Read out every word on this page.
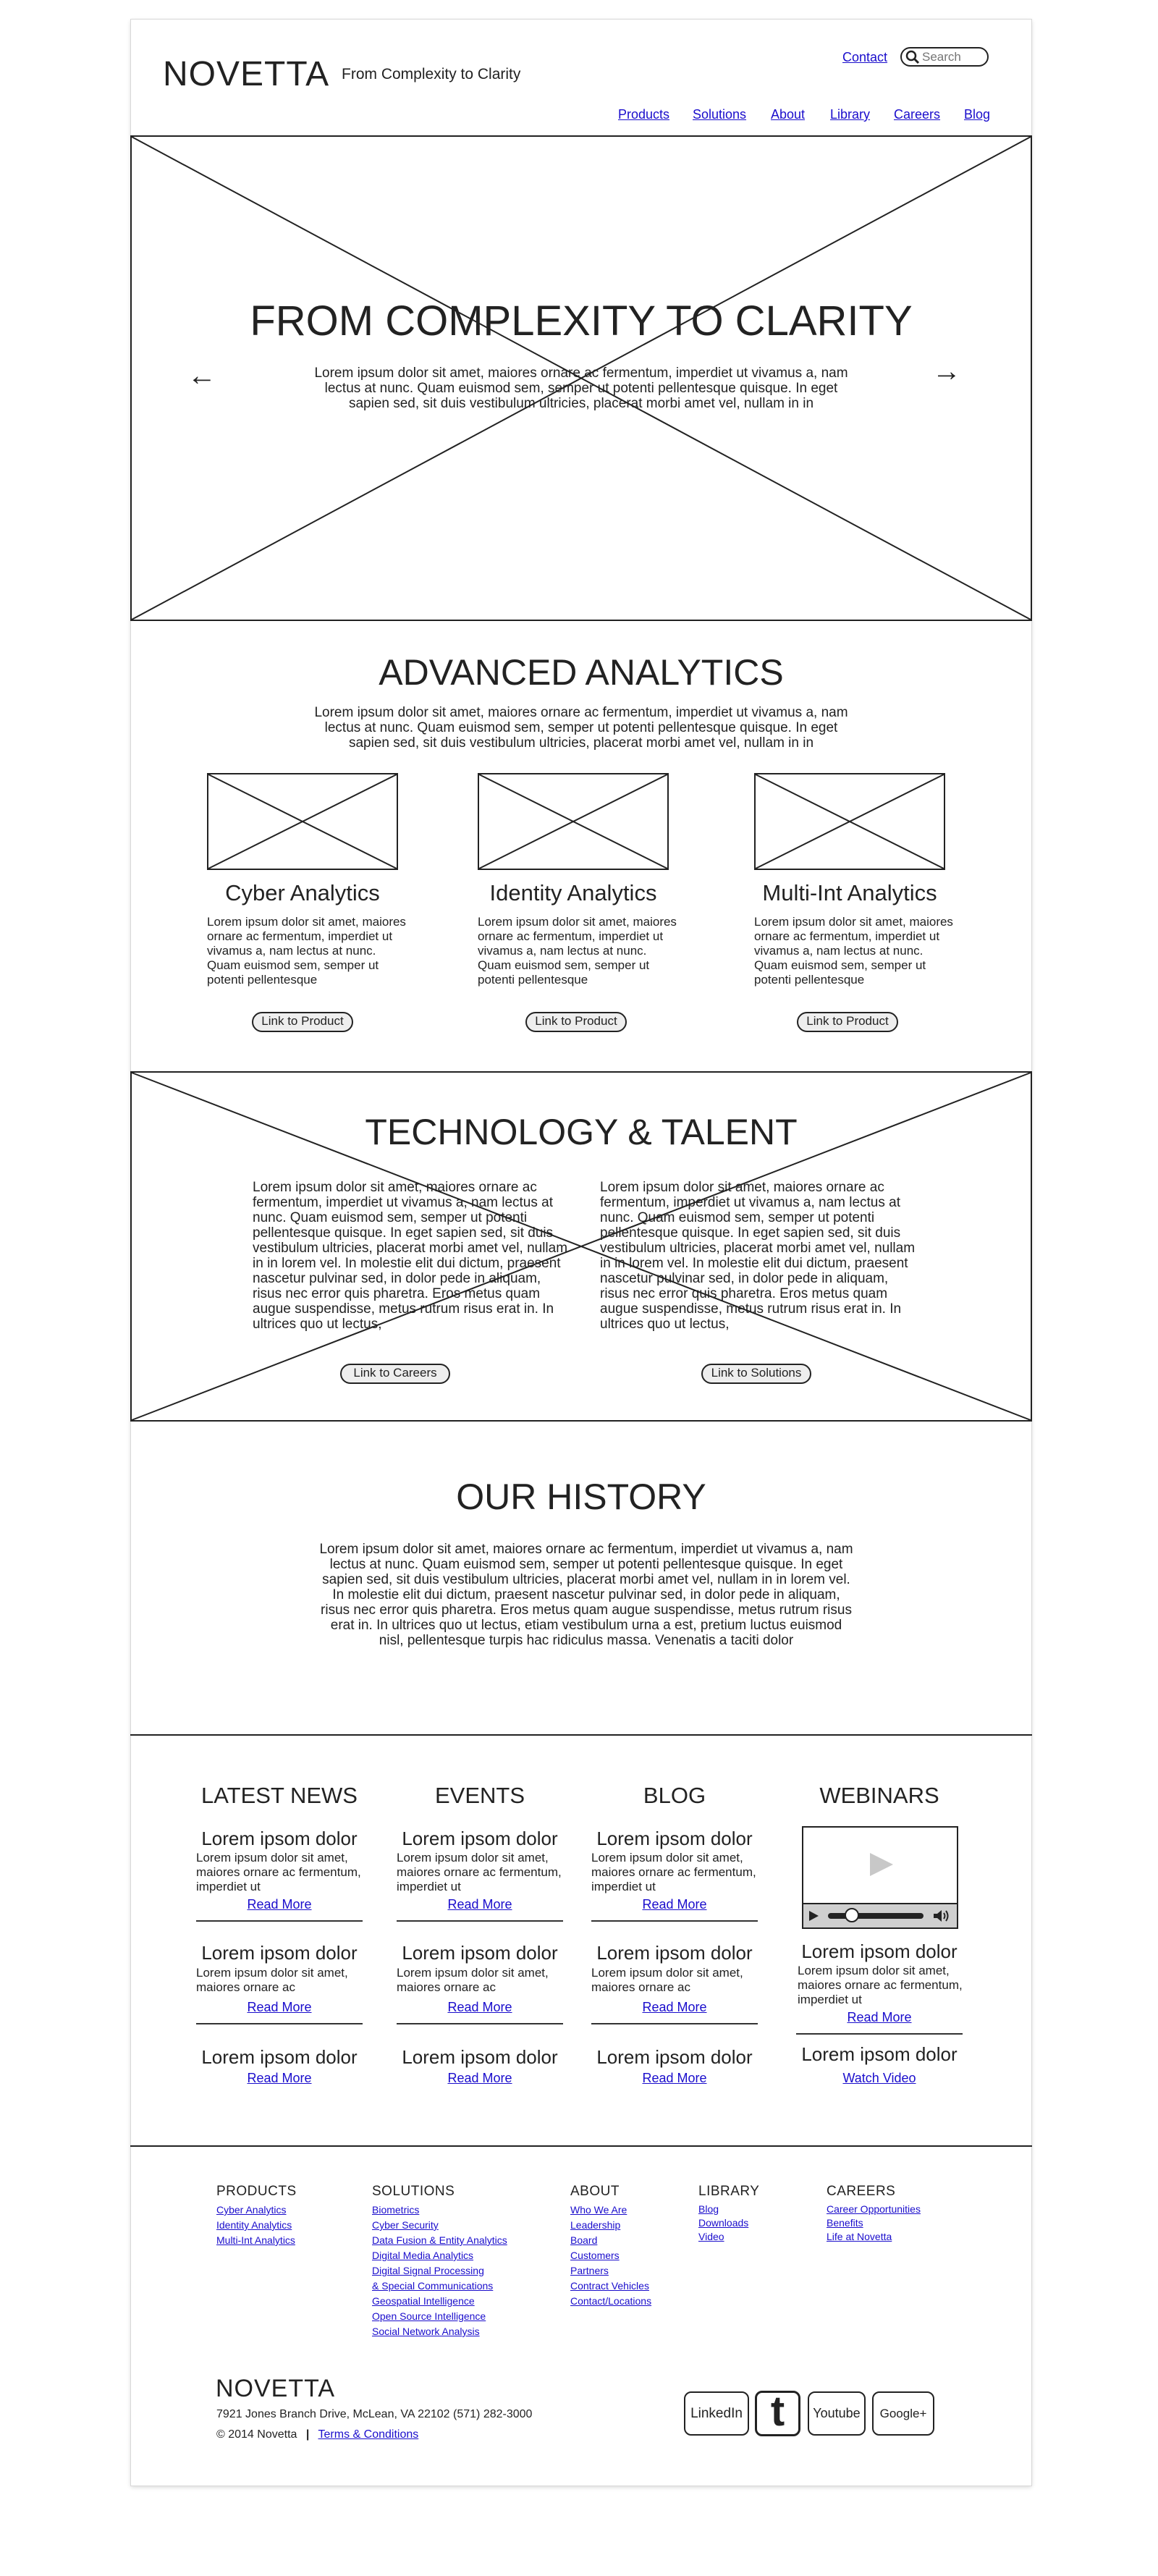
NOVETTA From Complexity to Clarity
Contact
Search
Products Solutions About Library Careers Blog
FROM COMPLEXITY TO CLARITY
Lorem ipsum dolor sit amet, maiores ornare ac fermentum, imperdiet ut vivamus a, nam lectus at nunc. Quam euismod sem, semper ut potenti pellentesque quisque. In eget sapien sed, sit duis vestibulum ultricies, placerat morbi amet vel, nullam in in
←	→
ADVANCED ANALYTICS
Lorem ipsum dolor sit amet, maiores ornare ac fermentum, imperdiet ut vivamus a, nam lectus at nunc. Quam euismod sem, semper ut potenti pellentesque quisque. In eget sapien sed, sit duis vestibulum ultricies, placerat morbi amet vel, nullam in in
Cyber Analytics	Identity Analytics	Multi-Int Analytics
Lorem ipsum dolor sit amet, maiores ornare ac fermentum, imperdiet ut vivamus a, nam lectus at nunc. Quam euismod sem, semper ut potenti pellentesque
Lorem ipsum dolor sit amet, maiores ornare ac fermentum, imperdiet ut vivamus a, nam lectus at nunc. Quam euismod sem, semper ut potenti pellentesque
Lorem ipsum dolor sit amet, maiores ornare ac fermentum, imperdiet ut vivamus a, nam lectus at nunc. Quam euismod sem, semper ut potenti pellentesque
Link to Product	Link to Product	Link to Product
TECHNOLOGY & TALENT
Lorem ipsum dolor sit amet, maiores ornare ac fermentum, imperdiet ut vivamus a, nam lectus at nunc. Quam euismod sem, semper ut potenti pellentesque quisque. In eget sapien sed, sit duis vestibulum ultricies, placerat morbi amet vel, nullam in in lorem vel. In molestie elit dui dictum, praesent nascetur pulvinar sed, in dolor pede in aliquam, risus nec error quis pharetra. Eros metus quam augue suspendisse, metus rutrum risus erat in. In ultrices quo ut lectus,
Lorem ipsum dolor sit amet, maiores ornare ac fermentum, imperdiet ut vivamus a, nam lectus at nunc. Quam euismod sem, semper ut potenti pellentesque quisque. In eget sapien sed, sit duis vestibulum ultricies, placerat morbi amet vel, nullam in in lorem vel. In molestie elit dui dictum, praesent nascetur pulvinar sed, in dolor pede in aliquam, risus nec error quis pharetra. Eros metus quam augue suspendisse, metus rutrum risus erat in. In ultrices quo ut lectus,
Link to Careers	Link to Solutions
OUR HISTORY
Lorem ipsum dolor sit amet, maiores ornare ac fermentum, imperdiet ut vivamus a, nam lectus at nunc. Quam euismod sem, semper ut potenti pellentesque quisque. In eget sapien sed, sit duis vestibulum ultricies, placerat morbi amet vel, nullam in in lorem vel. In molestie elit dui dictum, praesent nascetur pulvinar sed, in dolor pede in aliquam, risus nec error quis pharetra. Eros metus quam augue suspendisse, metus rutrum risus erat in. In ultrices quo ut lectus, etiam vestibulum urna a est, pretium luctus euismod nisl, pellentesque turpis hac ridiculus massa. Venenatis a taciti dolor
LATEST NEWS
Lorem ipsom dolor
Lorem ipsum dolor sit amet, maiores ornare ac fermentum, imperdiet ut
Read More
Lorem ipsom dolor
Lorem ipsum dolor sit amet, maiores ornare ac
Read More
Lorem ipsom dolor
Read More
EVENTS
Lorem ipsom dolor
Lorem ipsum dolor sit amet, maiores ornare ac fermentum, imperdiet ut
Read More
Lorem ipsom dolor
Lorem ipsum dolor sit amet, maiores ornare ac
Read More
Lorem ipsom dolor
Read More
BLOG
Lorem ipsom dolor
Lorem ipsum dolor sit amet, maiores ornare ac fermentum, imperdiet ut
Read More
Lorem ipsom dolor
Lorem ipsum dolor sit amet, maiores ornare ac
Read More
Lorem ipsom dolor
Read More
WEBINARS
Lorem ipsom dolor
Lorem ipsum dolor sit amet, maiores ornare ac fermentum, imperdiet ut
Read More
Lorem ipsom dolor
Watch Video
PRODUCTS
Cyber Analytics
Identity Analytics
Multi-Int Analytics
SOLUTIONS
Biometrics
Cyber Security
Data Fusion & Entity Analytics
Digital Media Analytics
Digital Signal Processing
& Special Communications
Geospatial Intelligence
Open Source Intelligence
Social Network Analysis
ABOUT
Who We Are
Leadership
Board
Customers
Partners
Contract Vehicles
Contact/Locations
LIBRARY
Blog
Downloads
Video
CAREERS
Career Opportunities
Benefits
Life at Novetta
NOVETTA
7921 Jones Branch Drive, McLean, VA 22102 (571) 282-3000
© 2014 Novetta | Terms & Conditions
LinkedIn t	Youtube	Google+
